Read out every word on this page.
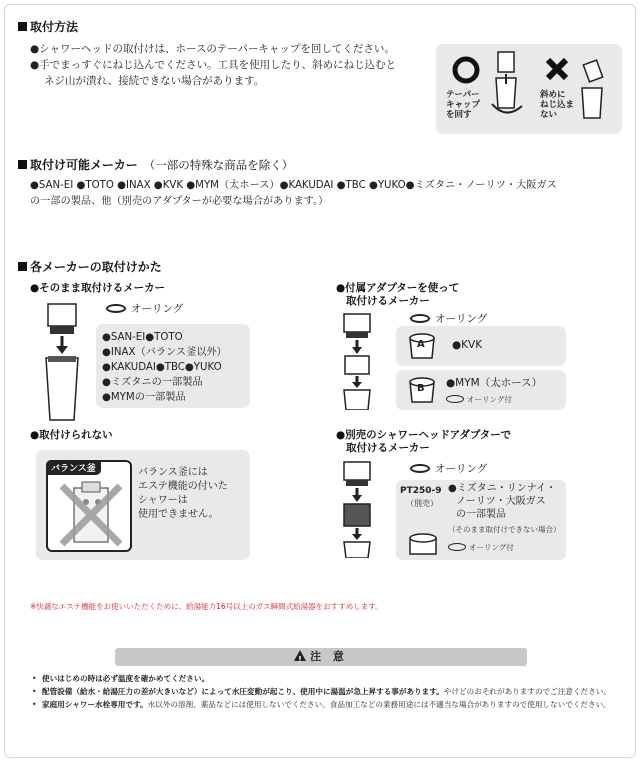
取付方法
●シャワーヘッドの取付けは、ホースのテーパーキャップを回してください。
●手でまっすぐにねじ込んでください。工具を使用したり、斜めにねじ込むと
ネジ山が潰れ、接続できない場合があります。
テーパー
キャップ
を回す
斜めに
ねじ込ま
ない
取付け可能メーカー （一部の特殊な商品を除く）
●SAN-EI ●TOTO ●INAX ●KVK ●MYM（太ホース）●KAKUDAI ●TBC ●YUKO●ミズタニ・ノーリツ・大阪ガス
の一部の製品、他（別売のアダプターが必要な場合があります。）
各メーカーの取付けかた
●そのまま取付けるメーカー
オーリング
●SAN-EI●TOTO
●INAX（バランス釜以外）
●KAKUDAI●TBC●YUKO
●ミズタニの一部製品
●MYMの一部製品
●付属アダプターを使って
取付けるメーカー
オーリング
A	●KVK
B ●MYM（太ホース）
オーリング付
●取付けられない
バランス釜	バランス釜には
エステ機能の付いた
シャワーは
使用できません。
●別売のシャワーヘッドアダプターで
取付けるメーカー
オーリング
PT250-9
（別売）
●ミズタニ・リンナイ・
ノーリツ・大阪ガス
の一部製品
（そのまま取付けできない場合）
オーリング付
※快適なエステ機能をお使いいただくために、給湯能力16号以上のガス瞬間式給湯器をおすすめします。
!注 意
• 使いはじめの時は必ず温度を確かめてください。
• 配管設備（給水・給湯圧力の差が大きいなど）によって水圧変動が起こり、使用中に湯温が急上昇する事があります。やけどのおそれがありますのでご注意ください。
• 家庭用シャワー水栓専用です。水以外の溶剤、薬品などには使用しないでください。食品加工などの業務用途には不適当な場合がありますので使用しないでください。
